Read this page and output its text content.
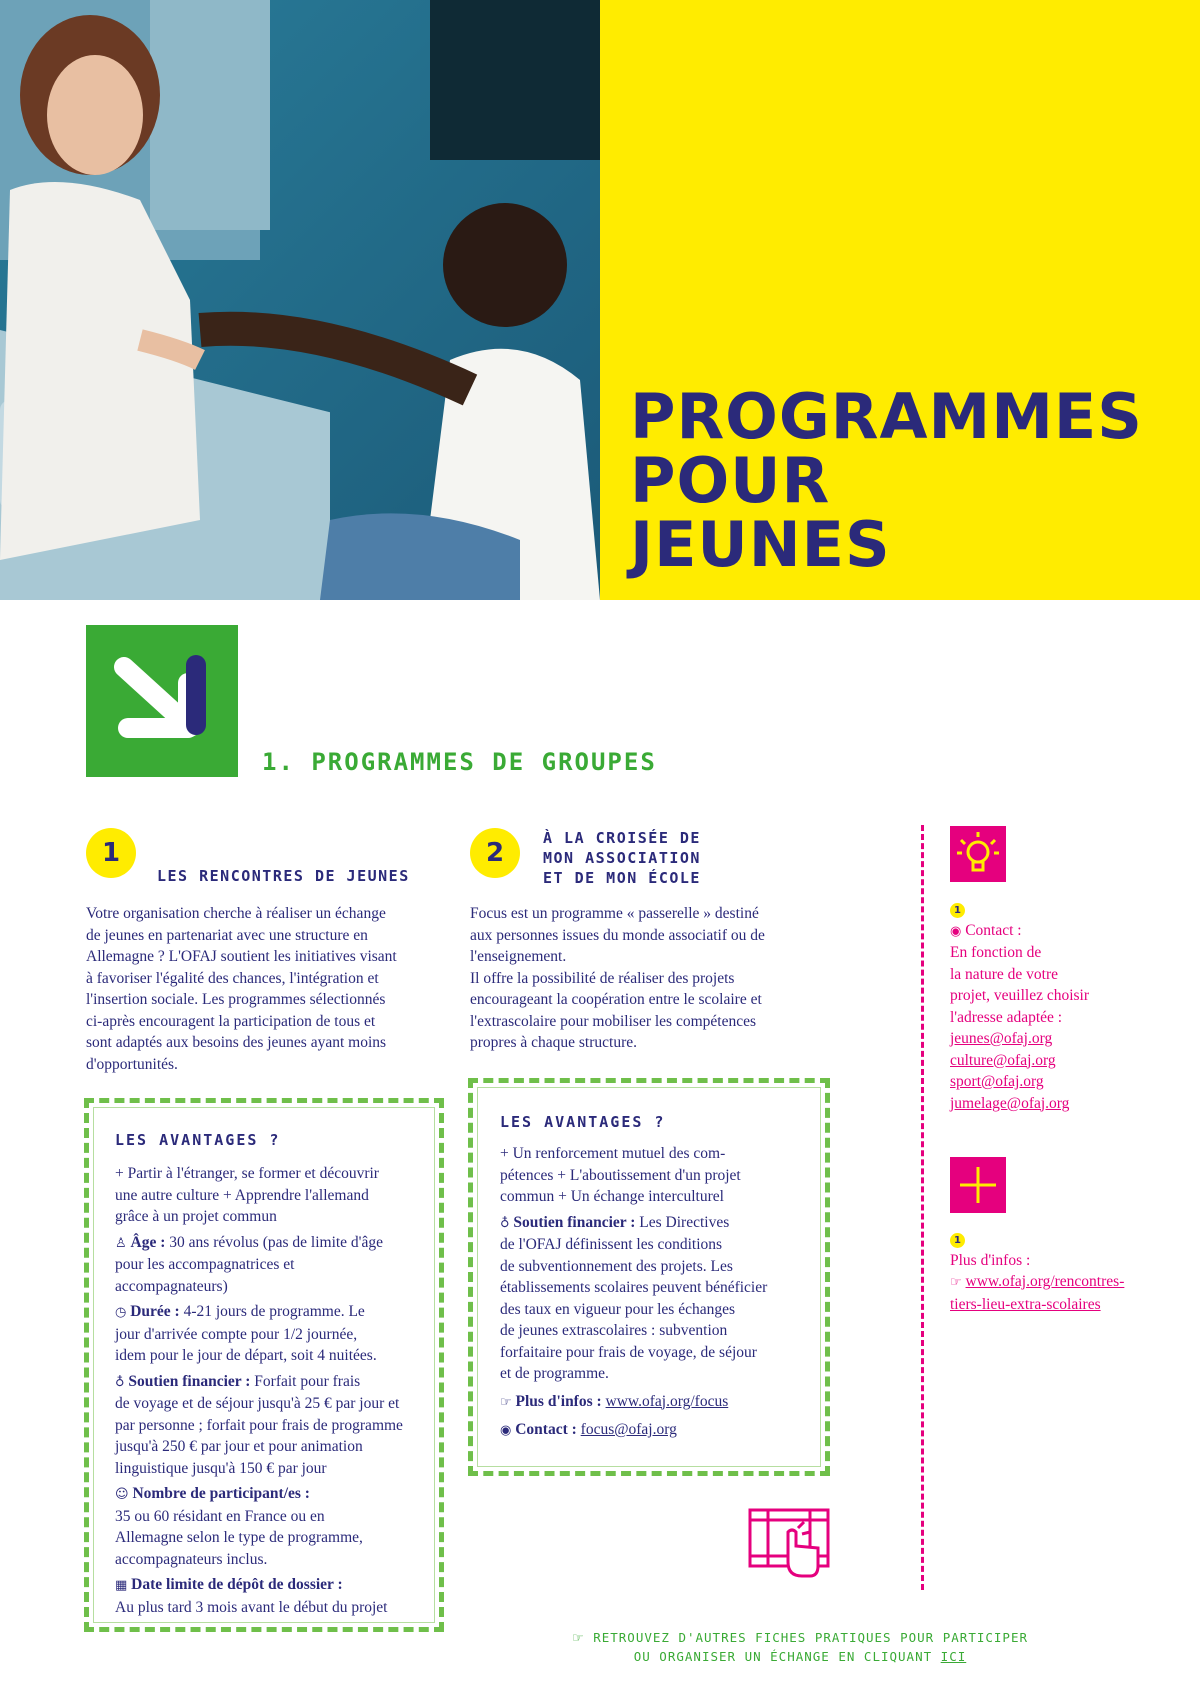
PROGRAMMES
POUR
JEUNES
1. PROGRAMMES DE GROUPES
1
LES RENCONTRES DE JEUNES
Votre organisation cherche à réaliser un échange
de jeunes en partenariat avec une structure en
Allemagne ? L'OFAJ soutient les initiatives visant
à favoriser l'égalité des chances, l'intégration et
l'insertion sociale. Les programmes sélectionnés
ci-après encouragent la participation de tous et
sont adaptés aux besoins des jeunes ayant moins
d'opportunités.
LES AVANTAGES ?

+ Partir à l'étranger, se former et découvrir

une autre culture + Apprendre l'allemand

grâce à un projet commun

♙ Âge : 30 ans révolus (pas de limite d'âge

pour les accompagnatrices et

accompagnateurs)

◷ Durée : 4-21 jours de programme. Le

jour d'arrivée compte pour 1/2 journée,

idem pour le jour de départ, soit 4 nuitées.

♁ Soutien financier : Forfait pour frais

de voyage et de séjour jusqu'à 25 € par jour et

par personne ; forfait pour frais de programme

jusqu'à 250 € par jour et pour animation

linguistique jusqu'à 150 € par jour

☺ Nombre de participant/es :

35 ou 60 résidant en France ou en

Allemagne selon le type de programme,

accompagnateurs inclus.

▦ Date limite de dépôt de dossier :

Au plus tard 3 mois avant le début du projet

2	À LA CROISÉE DE
MON ASSOCIATION
ET DE MON ÉCOLE
Focus est un programme « passerelle » destiné
aux personnes issues du monde associatif ou de
l'enseignement.
Il offre la possibilité de réaliser des projets
encourageant la coopération entre le scolaire et
l'extrascolaire pour mobiliser les compétences
propres à chaque structure.
LES AVANTAGES ?

+ Un renforcement mutuel des com-

pétences + L'aboutissement d'un projet

commun + Un échange interculturel

♁ Soutien financier : Les Directives

de l'OFAJ définissent les conditions

de subventionnement des projets. Les

établissements scolaires peuvent bénéficier

des taux en vigueur pour les échanges

de jeunes extrascolaires : subvention

forfaitaire pour frais de voyage, de séjour

et de programme.

☞ Plus d'infos : www.ofaj.org/focus

◉ Contact : focus@ofaj.org

1
◉ Contact :
En fonction de
la nature de votre
projet, veuillez choisir
l'adresse adaptée :
jeunes@ofaj.org
culture@ofaj.org
sport@ofaj.org
jumelage@ofaj.org
1
Plus d'infos :
☞ www.ofaj.org/rencontres-
tiers-lieu-extra-scolaires
☞ RETROUVEZ D'AUTRES FICHES PRATIQUES POUR PARTICIPER
OU ORGANISER UN ÉCHANGE EN CLIQUANT ICI
